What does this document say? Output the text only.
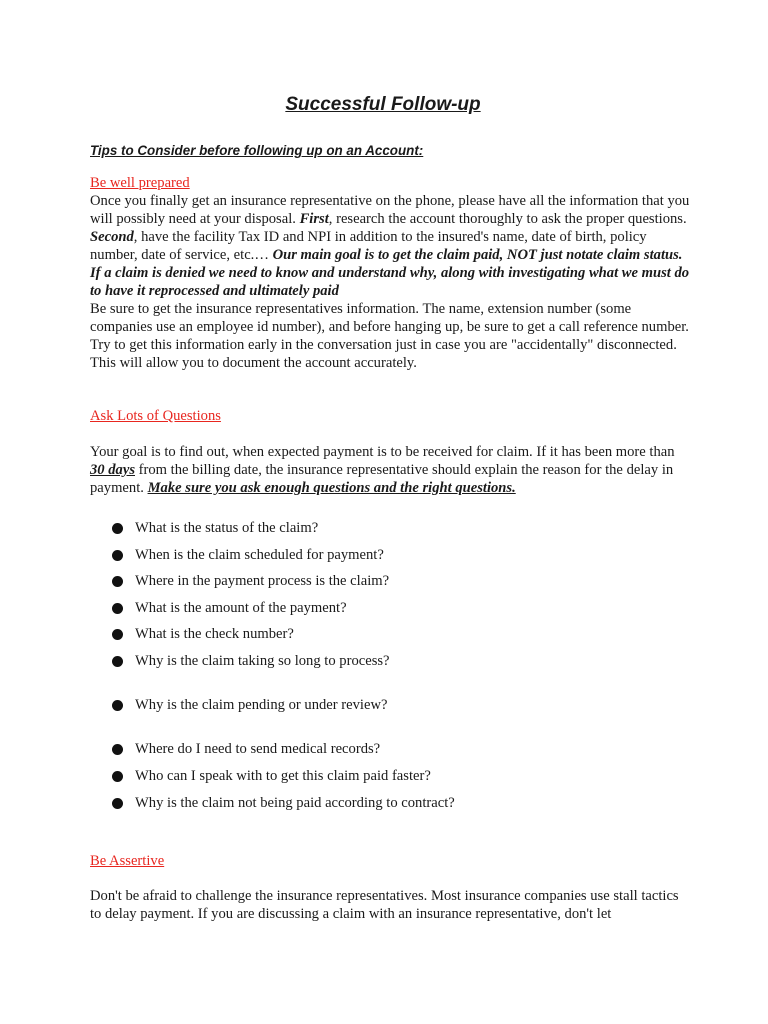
Successful Follow-up

Tips to Consider before following up on an Account:

Be well prepared

Once you finally get an insurance representative on the phone, please have all the information that you will possibly need at your disposal. First, research the account thoroughly to ask the proper questions. Second, have the facility Tax ID and NPI in addition to the insured's name, date of birth, policy number, date of service, etc.… Our main goal is to get the claim paid, NOT just notate claim status. If a claim is denied we need to know and understand why, along with investigating what we must do to have it reprocessed and ultimately paid

Be sure to get the insurance representatives information. The name, extension number (some companies use an employee id number), and before hanging up, be sure to get a call reference number.

Try to get this information early in the conversation just in case you are "accidentally" disconnected. This will allow you to document the account accurately.

Ask Lots of Questions

Your goal is to find out, when expected payment is to be received for claim. If it has been more than 30 days from the billing date, the insurance representative should explain the reason for the delay in payment. Make sure you ask enough questions and the right questions.

What is the status of the claim?
When is the claim scheduled for payment?
Where in the payment process is the claim?
What is the amount of the payment?
What is the check number?
Why is the claim taking so long to process?
Why is the claim pending or under review?
Where do I need to send medical records?
Who can I speak with to get this claim paid faster?
Why is the claim not being paid according to contract?

Be Assertive

Don't be afraid to challenge the insurance representatives. Most insurance companies use stall tactics to delay payment. If you are discussing a claim with an insurance representative, don't let
